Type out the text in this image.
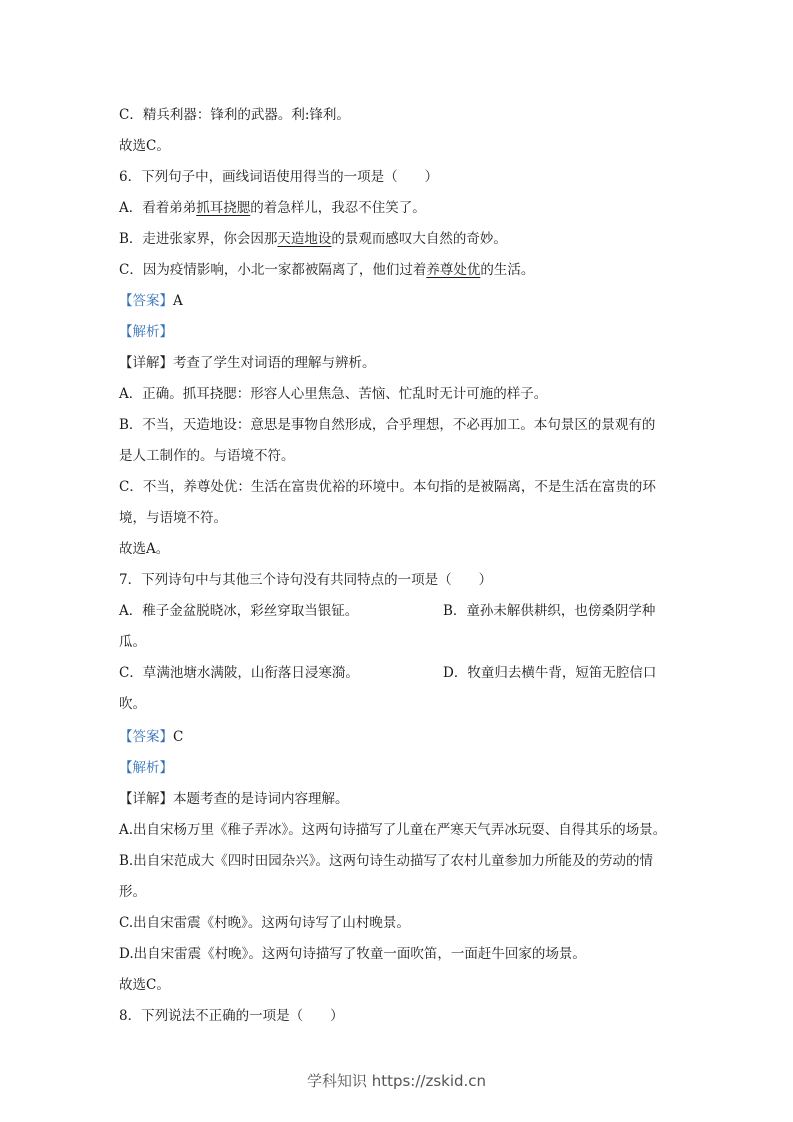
C．精兵利器：锋利的武器。利:锋利。
故选C。
6．下列句子中，画线词语使用得当的一项是（　　）
A．看着弟弟抓耳挠腮的着急样儿，我忍不住笑了。
B．走进张家界，你会因那天造地设的景观而感叹大自然的奇妙。
C．因为疫情影响，小北一家都被隔离了，他们过着养尊处优的生活。
【答案】A
【解析】
【详解】考查了学生对词语的理解与辨析。
A．正确。抓耳挠腮：形容人心里焦急、苦恼、忙乱时无计可施的样子。
B．不当，天造地设：意思是事物自然形成，合乎理想，不必再加工。本句景区的景观有的
是人工制作的。与语境不符。
C．不当，养尊处优：生活在富贵优裕的环境中。本句指的是被隔离，不是生活在富贵的环
境，与语境不符。
故选A。
7．下列诗句中与其他三个诗句没有共同特点的一项是（　　）
A．稚子金盆脱晓冰，彩丝穿取当银钲。	B．童孙未解供耕织，也傍桑阴学种
瓜。
C．草满池塘水满陂，山衔落日浸寒漪。	D．牧童归去横牛背，短笛无腔信口
吹。
【答案】C
【解析】
【详解】本题考查的是诗词内容理解。
A.出自宋杨万里《稚子弄冰》。这两句诗描写了儿童在严寒天气弄冰玩耍、自得其乐的场景。
B.出自宋范成大《四时田园杂兴》。这两句诗生动描写了农村儿童参加力所能及的劳动的情
形。
C.出自宋雷震《村晚》。这两句诗写了山村晚景。
D.出自宋雷震《村晚》。这两句诗描写了牧童一面吹笛，一面赶牛回家的场景。
故选C。
8．下列说法不正确的一项是（　　）
学科知识 https://zskid.cn
